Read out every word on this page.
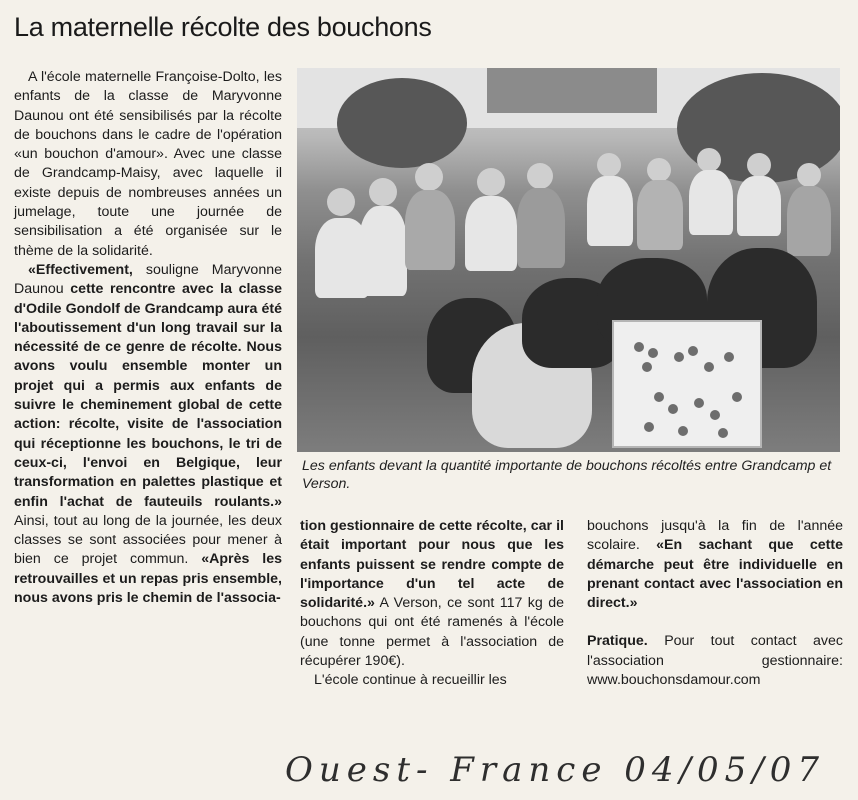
La maternelle récolte des bouchons

A l'école maternelle Françoise-Dolto, les enfants de la classe de Maryvonne Daunou ont été sensibilisés par la récolte de bouchons dans le cadre de l'opération «un bouchon d'amour». Avec une classe de Grandcamp-Maisy, avec laquelle il existe depuis de nombreuses années un jumelage, toute une journée de sensibilisation a été organisée sur le thème de la solidarité.

«Effectivement, souligne Maryvonne Daunou cette rencontre avec la classe d'Odile Gondolf de Grandcamp aura été l'aboutissement d'un long travail sur la nécessité de ce genre de récolte. Nous avons voulu ensemble monter un projet qui a permis aux enfants de suivre le cheminement global de cette action: récolte, visite de l'association qui réceptionne les bouchons, le tri de ceux-ci, l'envoi en Belgique, leur transformation en palettes plastique et enfin l'achat de fauteuils roulants.» Ainsi, tout au long de la journée, les deux classes se sont associées pour mener à bien ce projet commun. «Après les retrouvailles et un repas pris ensemble, nous avons pris le chemin de l'associa-

Les enfants devant la quantité importante de bouchons récoltés entre Grandcamp et Verson.

tion gestionnaire de cette récolte, car il était important pour nous que les enfants puissent se rendre compte de l'importance d'un tel acte de solidarité.» A Verson, ce sont 117 kg de bouchons qui ont été ramenés à l'école (une tonne permet à l'association de récupérer 190€).

L'école continue à recueillir les

bouchons jusqu'à la fin de l'année scolaire. «En sachant que cette démarche peut être individuelle en prenant contact avec l'association en direct.»

Pratique. Pour tout contact avec l'association gestionnaire: www.bouchonsdamour.com

Ouest- France 04/05/07
